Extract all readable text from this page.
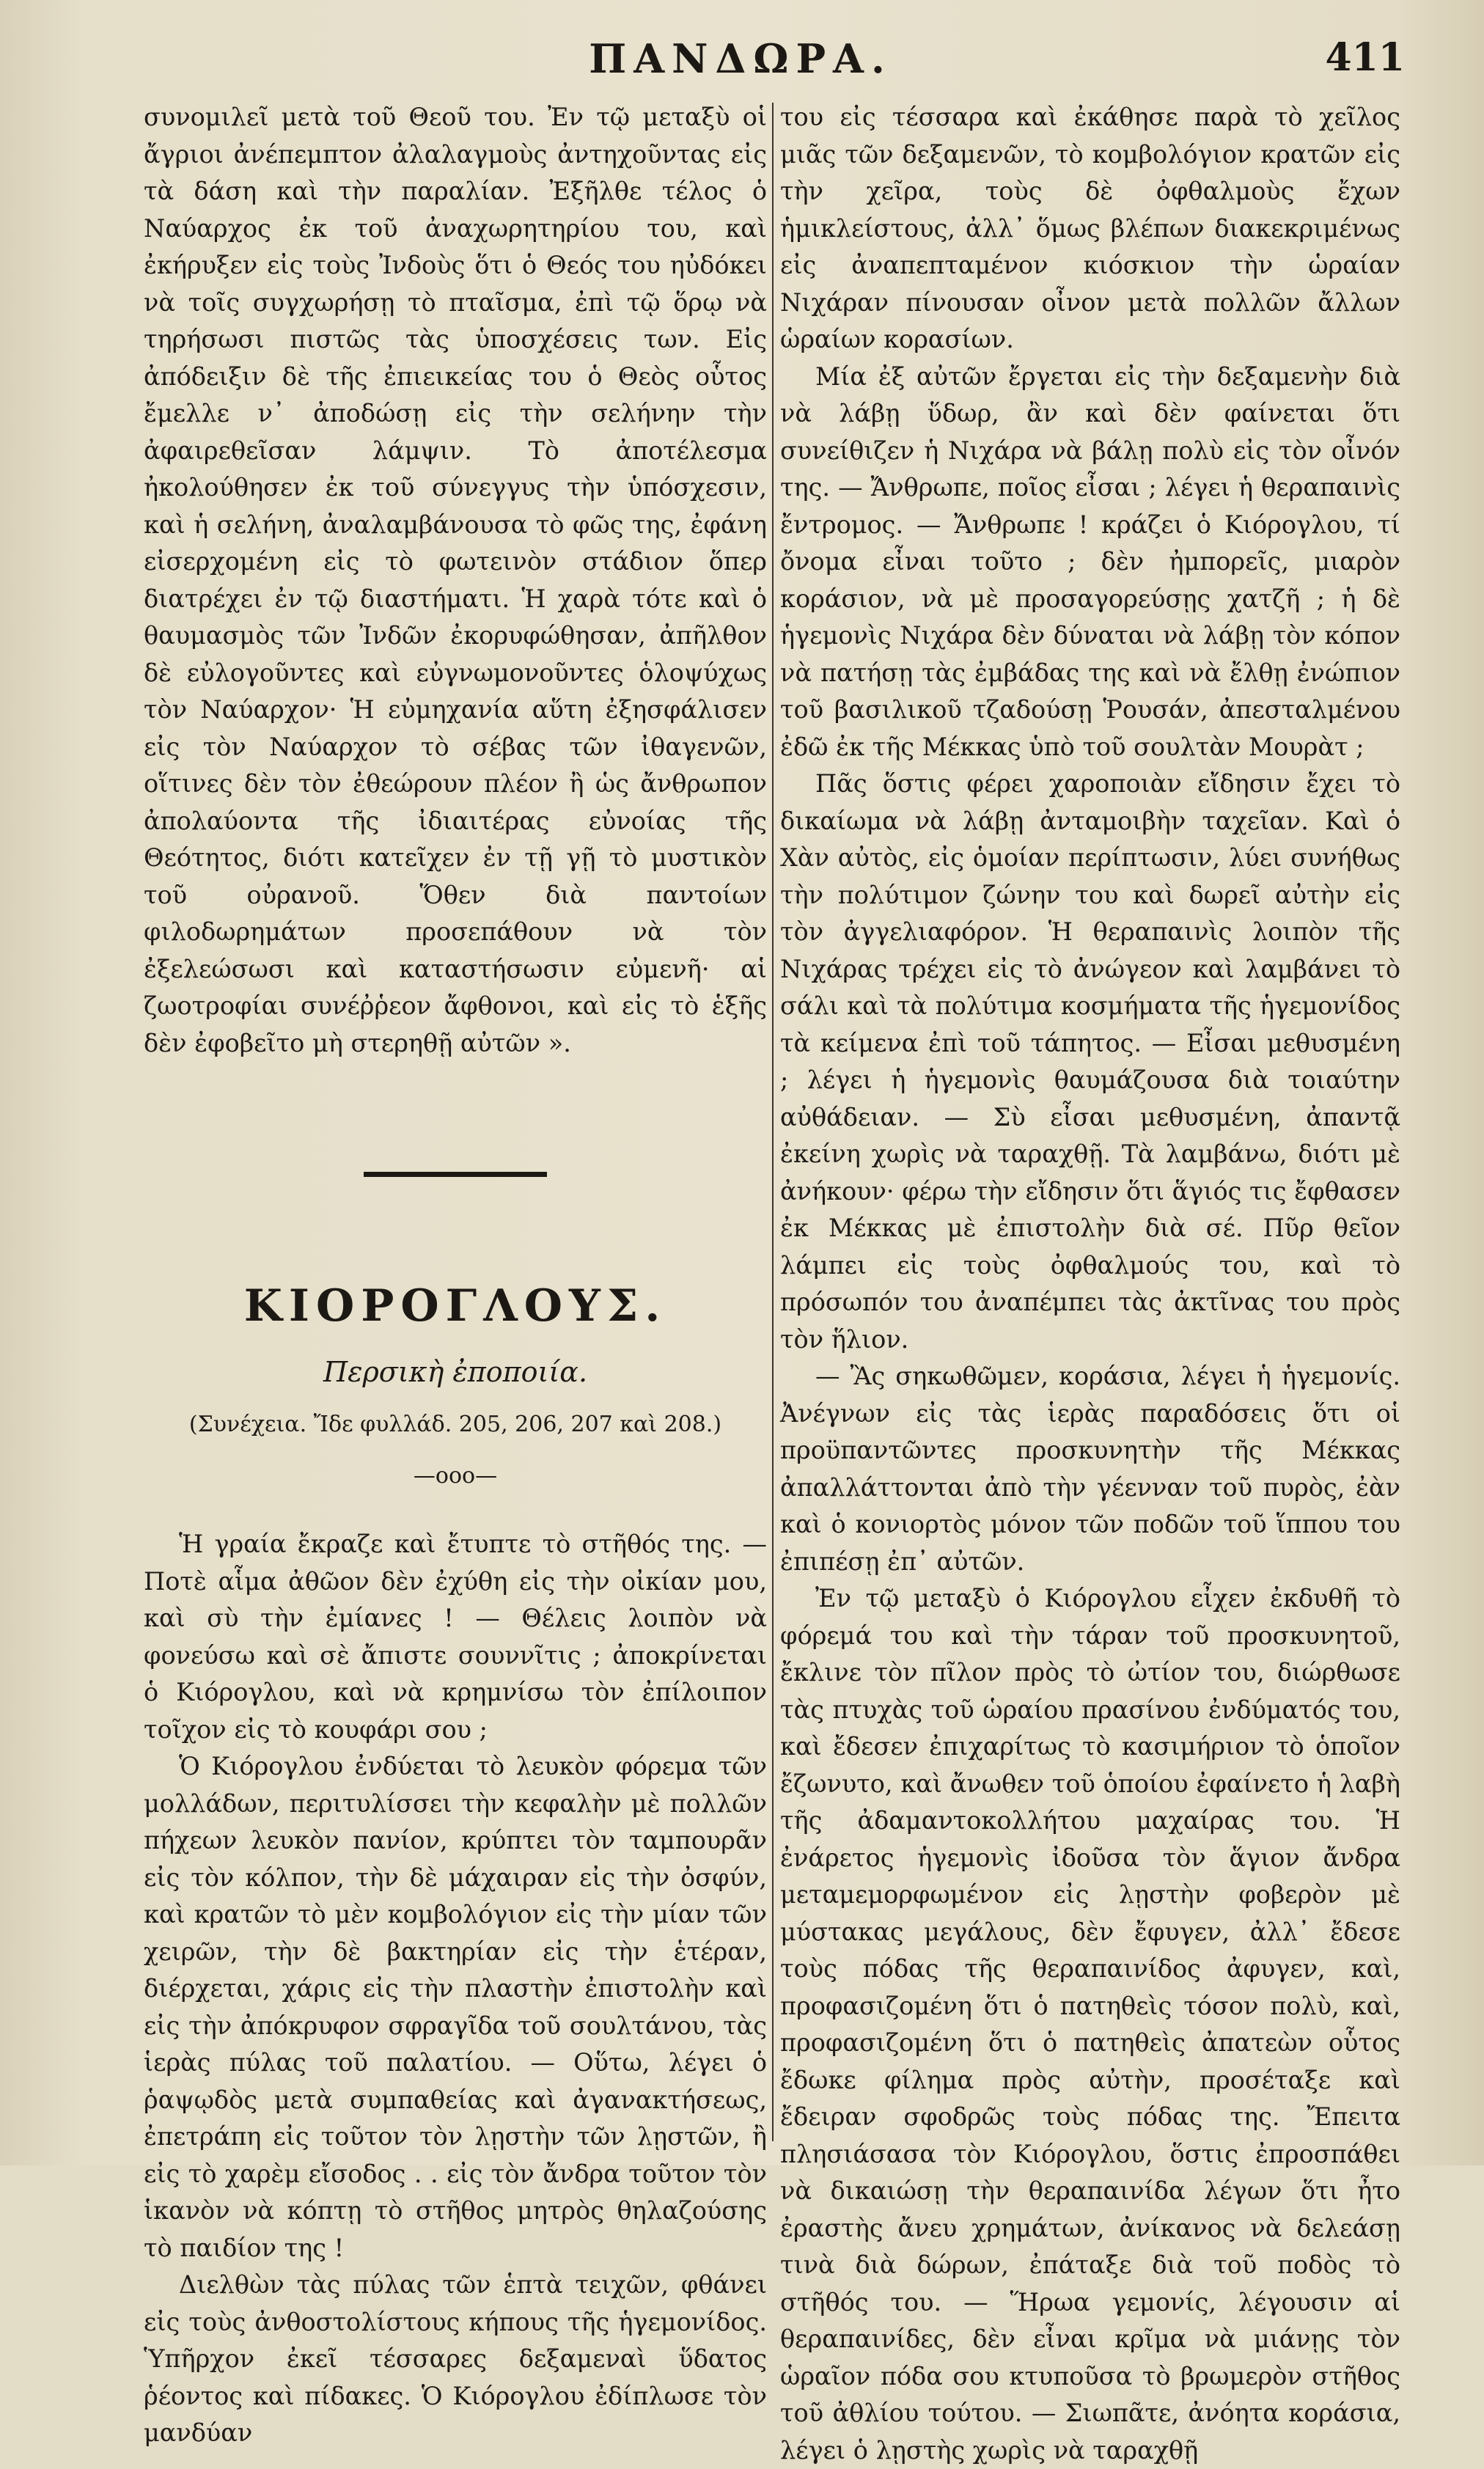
ΠΑΝΔΩΡΑ.	411

συνομιλεῖ μετὰ τοῦ Θεοῦ του. Ἐν τῷ μεταξὺ οἱ ἄγριοι ἀνέπεμπτον ἀλαλαγμοὺς ἀντηχοῦντας εἰς τὰ δάση καὶ τὴν παραλίαν. Ἐξῆλθε τέλος ὁ Ναύαρχος ἐκ τοῦ ἀναχωρητηρίου του, καὶ ἐκήρυξεν εἰς τοὺς Ἰνδοὺς ὅτι ὁ Θεός του ηὐδόκει νὰ τοῖς συγχωρήσῃ τὸ πταῖσμα, ἐπὶ τῷ ὅρῳ νὰ τηρήσωσι πιστῶς τὰς ὑποσχέσεις των. Εἰς ἀπόδειξιν δὲ τῆς ἐπιεικείας του ὁ Θεὸς οὗτος ἔμελλε ν᾽ ἀποδώσῃ εἰς τὴν σελήνην τὴν ἀφαιρεθεῖσαν λάμψιν. Τὸ ἀποτέλεσμα ἠκολούθησεν ἐκ τοῦ σύνεγγυς τὴν ὑπόσχεσιν, καὶ ἡ σελήνη, ἀναλαμβάνουσα τὸ φῶς της, ἐφάνη εἰσερχομένη εἰς τὸ φωτεινὸν στάδιον ὅπερ διατρέχει ἐν τῷ διαστήματι. Ἡ χαρὰ τότε καὶ ὁ θαυμασμὸς τῶν Ἰνδῶν ἐκορυφώθησαν, ἀπῆλθον δὲ εὐλογοῦντες καὶ εὐγνωμονοῦντες ὁλοψύχως τὸν Ναύαρχον· Ἡ εὐμηχανία αὕτη ἐξησφάλισεν εἰς τὸν Ναύαρχον τὸ σέβας τῶν ἰθαγενῶν, οἵτινες δὲν τὸν ἐθεώρουν πλέον ἢ ὡς ἄνθρωπον ἀπολαύοντα τῆς ἰδιαιτέρας εὐνοίας τῆς Θεότητος, διότι κατεῖχεν ἐν τῇ γῇ τὸ μυστικὸν τοῦ οὐρανοῦ. Ὅθεν διὰ παντοίων φιλοδωρημάτων προσεπάθουν νὰ τὸν ἐξελεώσωσι καὶ καταστήσωσιν εὐμενῆ· αἱ ζωοτροφίαι συνέῤῥεον ἄφθονοι, καὶ εἰς τὸ ἑξῆς δὲν ἐφοβεῖτο μὴ στερηθῇ αὐτῶν ».

ΚΙΟΡΟΓΛΟΥΣ.
Περσικὴ ἐποποιία.
(Συνέχεια. Ἴδε φυλλάδ. 205, 206, 207 καὶ 208.)
—ooo—

Ἡ γραία ἔκραζε καὶ ἔτυπτε τὸ στῆθός της. — Ποτὲ αἷμα ἀθῶον δὲν ἐχύθη εἰς τὴν οἰκίαν μου, καὶ σὺ τὴν ἐμίανες ! — Θέλεις λοιπὸν νὰ φονεύσω καὶ σὲ ἄπιστε σουννῖτις ; ἀποκρίνεται ὁ Κιόρογλου, καὶ νὰ κρημνίσω τὸν ἐπίλοιπον τοῖχον εἰς τὸ κουφάρι σου ;

Ὁ Κιόρογλου ἐνδύεται τὸ λευκὸν φόρεμα τῶν μολλάδων, περιτυλίσσει τὴν κεφαλὴν μὲ πολλῶν πήχεων λευκὸν πανίον, κρύπτει τὸν ταμπουρᾶν εἰς τὸν κόλπον, τὴν δὲ μάχαιραν εἰς τὴν ὀσφύν, καὶ κρατῶν τὸ μὲν κομβολόγιον εἰς τὴν μίαν τῶν χειρῶν, τὴν δὲ βακτηρίαν εἰς τὴν ἑτέραν, διέρχεται, χάρις εἰς τὴν πλαστὴν ἐπιστολὴν καὶ εἰς τὴν ἀπόκρυφον σφραγῖδα τοῦ σουλτάνου, τὰς ἱερὰς πύλας τοῦ παλατίου. — Οὕτω, λέγει ὁ ῥαψῳδὸς μετὰ συμπαθείας καὶ ἀγανακτήσεως, ἐπετράπη εἰς τοῦτον τὸν λῃστὴν τῶν λῃστῶν, ἢ εἰς τὸ χαρὲμ εἴσοδος . . εἰς τὸν ἄνδρα τοῦτον τὸν ἱκανὸν νὰ κόπτῃ τὸ στῆθος μητρὸς θηλαζούσης τὸ παιδίον της !

Διελθὼν τὰς πύλας τῶν ἑπτὰ τειχῶν, φθάνει εἰς τοὺς ἀνθοστολίστους κήπους τῆς ἡγεμονίδος. Ὑπῆρχον ἐκεῖ τέσσαρες δεξαμεναὶ ὕδατος ῥέοντος καὶ πίδακες. Ὁ Κιόρογλου ἐδίπλωσε τὸν μανδύαν

του εἰς τέσσαρα καὶ ἐκάθησε παρὰ τὸ χεῖλος μιᾶς τῶν δεξαμενῶν, τὸ κομβολόγιον κρατῶν εἰς τὴν χεῖρα, τοὺς δὲ ὀφθαλμοὺς ἔχων ἡμικλείστους, ἀλλ᾽ ὅμως βλέπων διακεκριμένως εἰς ἀναπεπταμένον κιόσκιον τὴν ὡραίαν Νιχάραν πίνουσαν οἶνον μετὰ πολλῶν ἄλλων ὡραίων κορασίων.

Μία ἐξ αὐτῶν ἔργεται εἰς τὴν δεξαμενὴν διὰ νὰ λάβῃ ὕδωρ, ἂν καὶ δὲν φαίνεται ὅτι συνείθιζεν ἡ Νιχάρα νὰ βάλῃ πολὺ εἰς τὸν οἶνόν της. — Ἄνθρωπε, ποῖος εἶσαι ; λέγει ἡ θεραπαινὶς ἔντρομος. — Ἄνθρωπε ! κράζει ὁ Κιόρογλου, τί ὄνομα εἶναι τοῦτο ; δὲν ἠμπορεῖς, μιαρὸν κοράσιον, νὰ μὲ προσαγορεύσῃς χατζῆ ; ἡ δὲ ἡγεμονὶς Νιχάρα δὲν δύναται νὰ λάβῃ τὸν κόπον νὰ πατήσῃ τὰς ἐμβάδας της καὶ νὰ ἔλθῃ ἐνώπιον τοῦ βασιλικοῦ τζαδούσῃ Ῥουσάν, ἀπεσταλμένου ἐδῶ ἐκ τῆς Μέκκας ὑπὸ τοῦ σουλτὰν Μουρὰτ ;

Πᾶς ὅστις φέρει χαροποιὰν εἴδησιν ἔχει τὸ δικαίωμα νὰ λάβῃ ἀνταμοιβὴν ταχεῖαν. Καὶ ὁ Χὰν αὐτὸς, εἰς ὁμοίαν περίπτωσιν, λύει συνήθως τὴν πολύτιμον ζώνην του καὶ δωρεῖ αὐτὴν εἰς τὸν ἀγγελιαφόρον. Ἡ θεραπαινὶς λοιπὸν τῆς Νιχάρας τρέχει εἰς τὸ ἀνώγεον καὶ λαμβάνει τὸ σάλι καὶ τὰ πολύτιμα κοσμήματα τῆς ἡγεμονίδος τὰ κείμενα ἐπὶ τοῦ τάπητος. — Εἶσαι μεθυσμένη ; λέγει ἡ ἡγεμονὶς θαυμάζουσα διὰ τοιαύτην αὐθάδειαν. — Σὺ εἶσαι μεθυσμένη, ἀπαντᾷ ἐκείνη χωρὶς νὰ ταραχθῇ. Τὰ λαμβάνω, διότι μὲ ἀνήκουν· φέρω τὴν εἴδησιν ὅτι ἅγιός τις ἔφθασεν ἐκ Μέκκας μὲ ἐπιστολὴν διὰ σέ. Πῦρ θεῖον λάμπει εἰς τοὺς ὀφθαλμούς του, καὶ τὸ πρόσωπόν του ἀναπέμπει τὰς ἀκτῖνας του πρὸς τὸν ἥλιον.

— Ἂς σηκωθῶμεν, κοράσια, λέγει ἡ ἡγεμονίς. Ἀνέγνων εἰς τὰς ἱερὰς παραδόσεις ὅτι οἱ προϋπαντῶντες προσκυνητὴν τῆς Μέκκας ἀπαλλάττονται ἀπὸ τὴν γέενναν τοῦ πυρὸς, ἐὰν καὶ ὁ κονιορτὸς μόνον τῶν ποδῶν τοῦ ἵππου του ἐπιπέσῃ ἐπ᾽ αὐτῶν.

Ἐν τῷ μεταξὺ ὁ Κιόρογλου εἶχεν ἐκδυθῆ τὸ φόρεμά του καὶ τὴν τάραν τοῦ προσκυνητοῦ, ἔκλινε τὸν πῖλον πρὸς τὸ ὠτίον του, διώρθωσε τὰς πτυχὰς τοῦ ὡραίου πρασίνου ἐνδύματός του, καὶ ἔδεσεν ἐπιχαρίτως τὸ κασιμήριον τὸ ὁποῖον ἔζωνυτο, καὶ ἄνωθεν τοῦ ὁποίου ἐφαίνετο ἡ λαβὴ τῆς ἀδαμαντοκολλήτου μαχαίρας του. Ἡ ἐνάρετος ἡγεμονὶς ἰδοῦσα τὸν ἅγιον ἄνδρα μεταμεμορφωμένον εἰς λῃστὴν φοβερὸν μὲ μύστακας μεγάλους, δὲν ἔφυγεν, ἀλλ᾽ ἔδεσε τοὺς πόδας τῆς θεραπαινίδος ἀφυγεν, καὶ, προφασιζομένη ὅτι ὁ πατηθεὶς τόσον πολὺ, καὶ, προφασιζομένη ὅτι ὁ πατηθεὶς ἀπατεὼν οὗτος ἔδωκε φίλημα πρὸς αὐτὴν, προσέταξε καὶ ἔδειραν σφοδρῶς τοὺς πόδας της. Ἔπειτα πλησιάσασα τὸν Κιόρογλου, ὅστις ἐπροσπάθει νὰ δικαιώσῃ τὴν θεραπαινίδα λέγων ὅτι ἦτο ἐραστὴς ἄνευ χρημάτων, ἀνίκανος νὰ δελεάσῃ τινὰ διὰ δώρων, ἐπάταξε διὰ τοῦ ποδὸς τὸ στῆθός του. — Ἥρωα γεμονίς, λέγουσιν αἱ θεραπαινίδες, δὲν εἶναι κρῖμα νὰ μιάνῃς τὸν ὡραῖον πόδα σου κτυποῦσα τὸ βρωμερὸν στῆθος τοῦ ἀθλίου τούτου. — Σιωπᾶτε, ἀνόητα κοράσια, λέγει ὁ λῃστὴς χωρὶς νὰ ταραχθῇ
